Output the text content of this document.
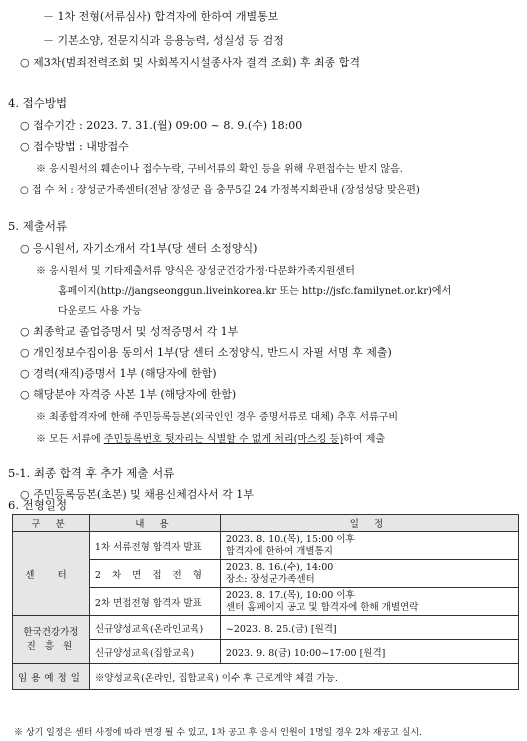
－ 1차 전형(서류심사) 합격자에 한하여 개별통보
－ 기본소양, 전문지식과 응용능력, 성실성 등 검정
○ 제3차(범죄전력조회 및 사회복지시설종사자 결격 조회) 후 최종 합격
4. 접수방법
○ 접수기간 : 2023. 7. 31.(월) 09:00 ~ 8. 9.(수) 18:00
○ 접수방법 : 내방접수
※ 응시원서의 훼손이나 접수누락, 구비서류의 확인 등을 위해 우편접수는 받지 않음.
○ 접 수 처 : 장성군가족센터(전남 장성군 읍 충무5길 24 가정복지회관내 (장성성당 맞은편)
5. 제출서류
○ 응시원서, 자기소개서 각1부(당 센터 소정양식)
※ 응시원서 및 기타제출서류 양식은 장성군건강가정·다문화가족지원센터
홈페이지(http://jangseonggun.liveinkorea.kr 또는 http://jsfc.familynet.or.kr)에서
다운로드 사용 가능
○ 최종학교 졸업증명서 및 성적증명서 각 1부
○ 개인정보수집이용 동의서 1부(당 센터 소정양식, 반드시 자필 서명 후 제출)
○ 경력(재직)증명서 1부 (해당자에 한함)
○ 해당분야 자격증 사본 1부 (해당자에 한함)
※ 최종합격자에 한해 주민등록등본(외국인인 경우 증명서류로 대체) 추후 서류구비
※ 모든 서류에 주민등록번호 뒷자리는 식별할 수 없게 처리(마스킹 등)하여 제출
5-1. 최종 합격 후 추가 제출 서류
○ 주민등록등본(초본) 및 채용신체검사서 각 1부
6. 전형일정
구 분	내 용	일 정
센 터	1차 서류전형 합격자 발표	2023. 8. 10.(목), 15:00 이후
합격자에 한하여 개별통지

	2 차 면 접 전 형	2023. 8. 16.(수), 14:00
장소: 장성군가족센터

	2차 면접전형 합격자 발표	2023. 8. 17.(목), 10:00 이후
센터 홈페이지 공고 및 합격자에 한해 개별연락

한국건강가정
진 흥 원	신규양성교육(온라인교육)	~2023. 8. 25.(금) [원격]
	신규양성교육(집합교육)	2023. 9. 8(금) 10:00~17:00 [원격]
임용예정일	※양성교육(온라인, 집합교육) 이수 후 근로계약 체결 가능.	
※ 상기 일정은 센터 사정에 따라 변경 될 수 있고, 1차 공고 후 응시 인원이 1명일 경우 2차 재공고 실시.
